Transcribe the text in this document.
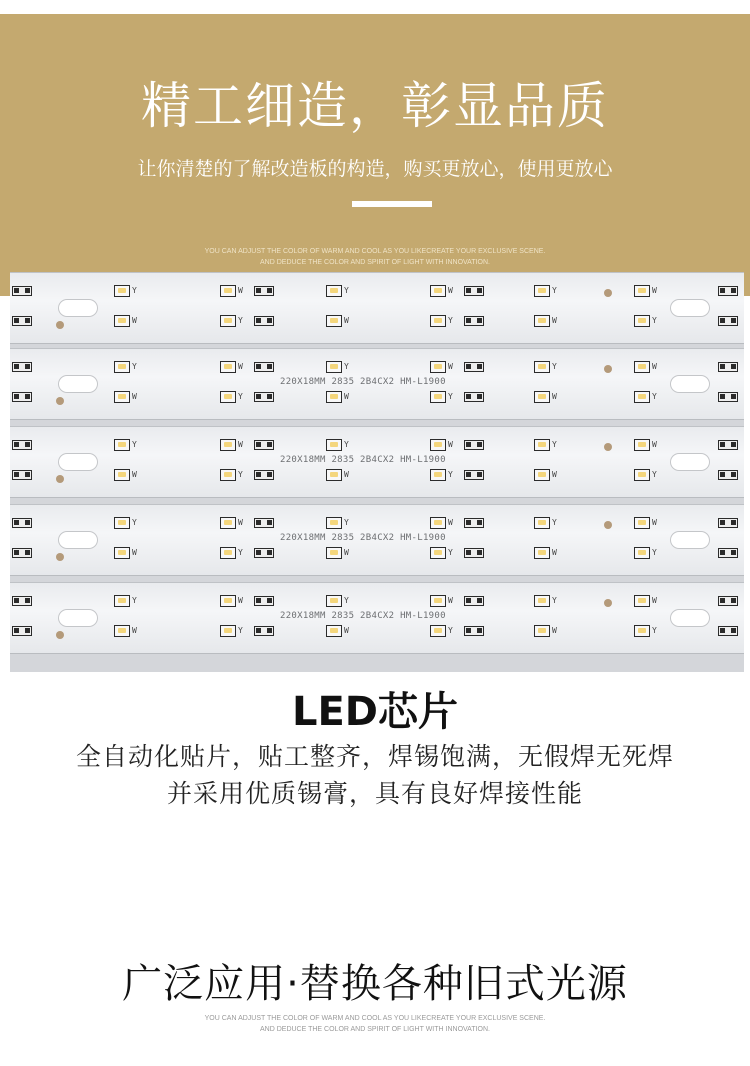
精工细造，彰显品质
让你清楚的了解改造板的构造，购买更放心，使用更放心
YOU CAN ADJUST THE COLOR OF WARM AND COOL AS YOU LIKECREATE YOUR EXCLUSIVE SCENE.
AND DEDUCE THE COLOR AND SPIRIT OF LIGHT WITH INNOVATION.
Y	W	Y	W	Y	W
W	Y	W	Y	W	Y
220X18MM 2835 2B4CX2 HM-L1900
Y	W	Y	W	Y	W
W	Y	W	Y	W	Y
220X18MM 2835 2B4CX2 HM-L1900
Y	W	Y	W	Y	W
W	Y	W	Y	W	Y
220X18MM 2835 2B4CX2 HM-L1900
Y	W	Y	W	Y	W
W	Y	W	Y	W	Y
220X18MM 2835 2B4CX2 HM-L1900
Y	W	Y	W	Y	W
W	Y	W	Y	W	Y
LED芯片
全自动化贴片，贴工整齐，焊锡饱满，无假焊无死焊
并采用优质锡膏，具有良好焊接性能
广泛应用·替换各种旧式光源
YOU CAN ADJUST THE COLOR OF WARM AND COOL AS YOU LIKECREATE YOUR EXCLUSIVE SCENE.
AND DEDUCE THE COLOR AND SPIRIT OF LIGHT WITH INNOVATION.
